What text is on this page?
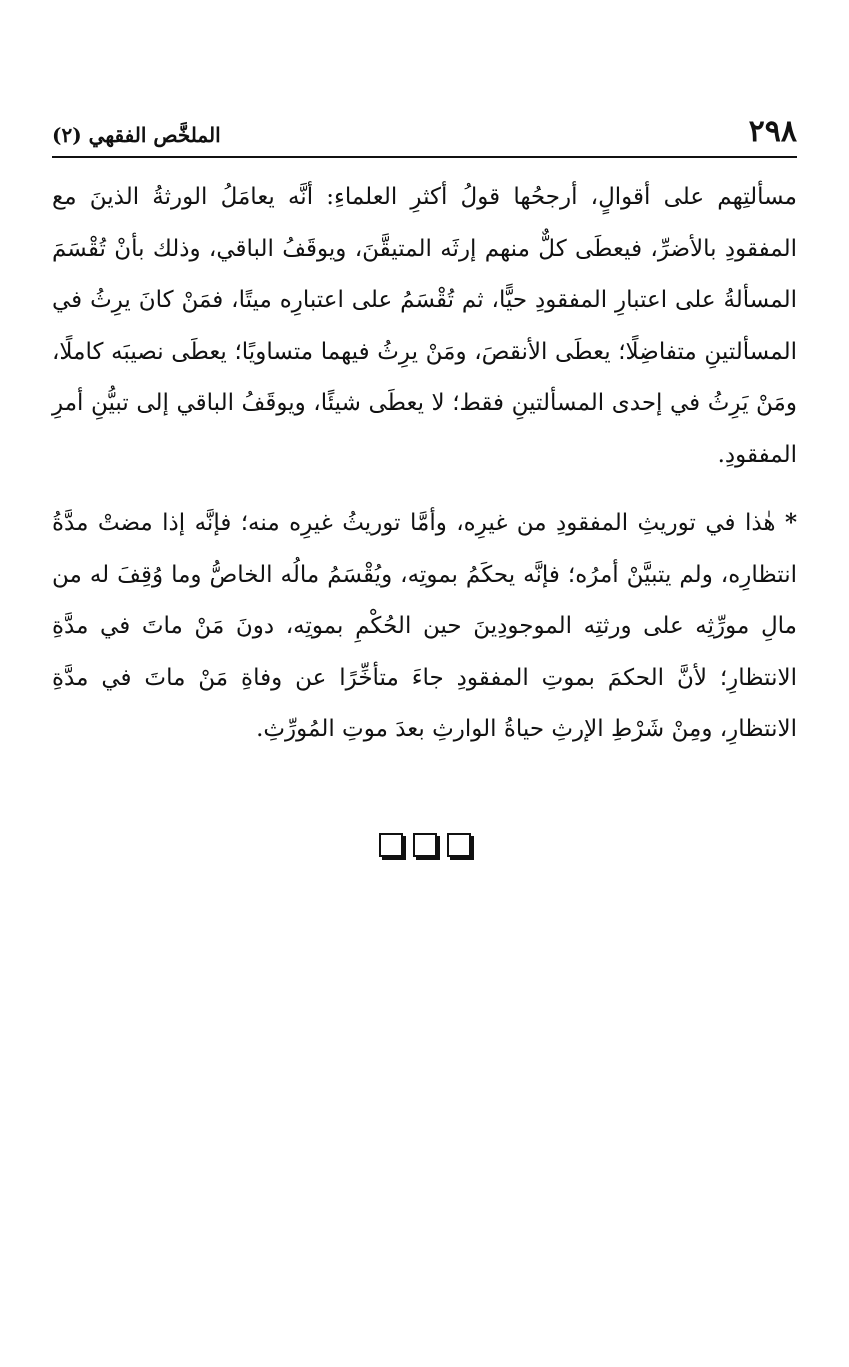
٢٩٨
الملخَّص الفقهي (٢)

مسألتِهم على أقوالٍ، أرجحُها قولُ أكثرِ العلماءِ: أنَّه يعامَلُ الورثةُ الذينَ مع المفقودِ بالأضرِّ، فيعطَى كلٌّ منهم إرثَه المتيقَّنَ، ويوقَفُ الباقي، وذلك بأنْ تُقْسَمَ المسألةُ على اعتبارِ المفقودِ حيًّا، ثم تُقْسَمُ على اعتبارِه ميتًا، فمَنْ كانَ يرِثُ في المسألتينِ متفاضِلًا؛ يعطَى الأنقصَ، ومَنْ يرِثُ فيهما متساويًا؛ يعطَى نصيبَه كاملًا، ومَنْ يَرِثُ في إحدى المسألتينِ فقط؛ لا يعطَى شيئًا، ويوقَفُ الباقي إلى تبيُّنِ أمرِ المفقودِ.

* هٰذا في توريثِ المفقودِ من غيرِه، وأمَّا توريثُ غيرِه منه؛ فإنَّه إذا مضتْ مدَّةُ انتظارِه، ولم يتبيَّنْ أمرُه؛ فإنَّه يحكَمُ بموتِه، ويُقْسَمُ مالُه الخاصُّ وما وُقِفَ له من مالِ مورِّثِه على ورثتِه الموجودِينَ حين الحُكْمِ بموتِه، دونَ مَنْ ماتَ في مدَّةِ الانتظارِ؛ لأنَّ الحكمَ بموتِ المفقودِ جاءَ متأخِّرًا عن وفاةِ مَنْ ماتَ في مدَّةِ الانتظارِ، ومِنْ شَرْطِ الإرثِ حياةُ الوارثِ بعدَ موتِ المُورِّثِ.
